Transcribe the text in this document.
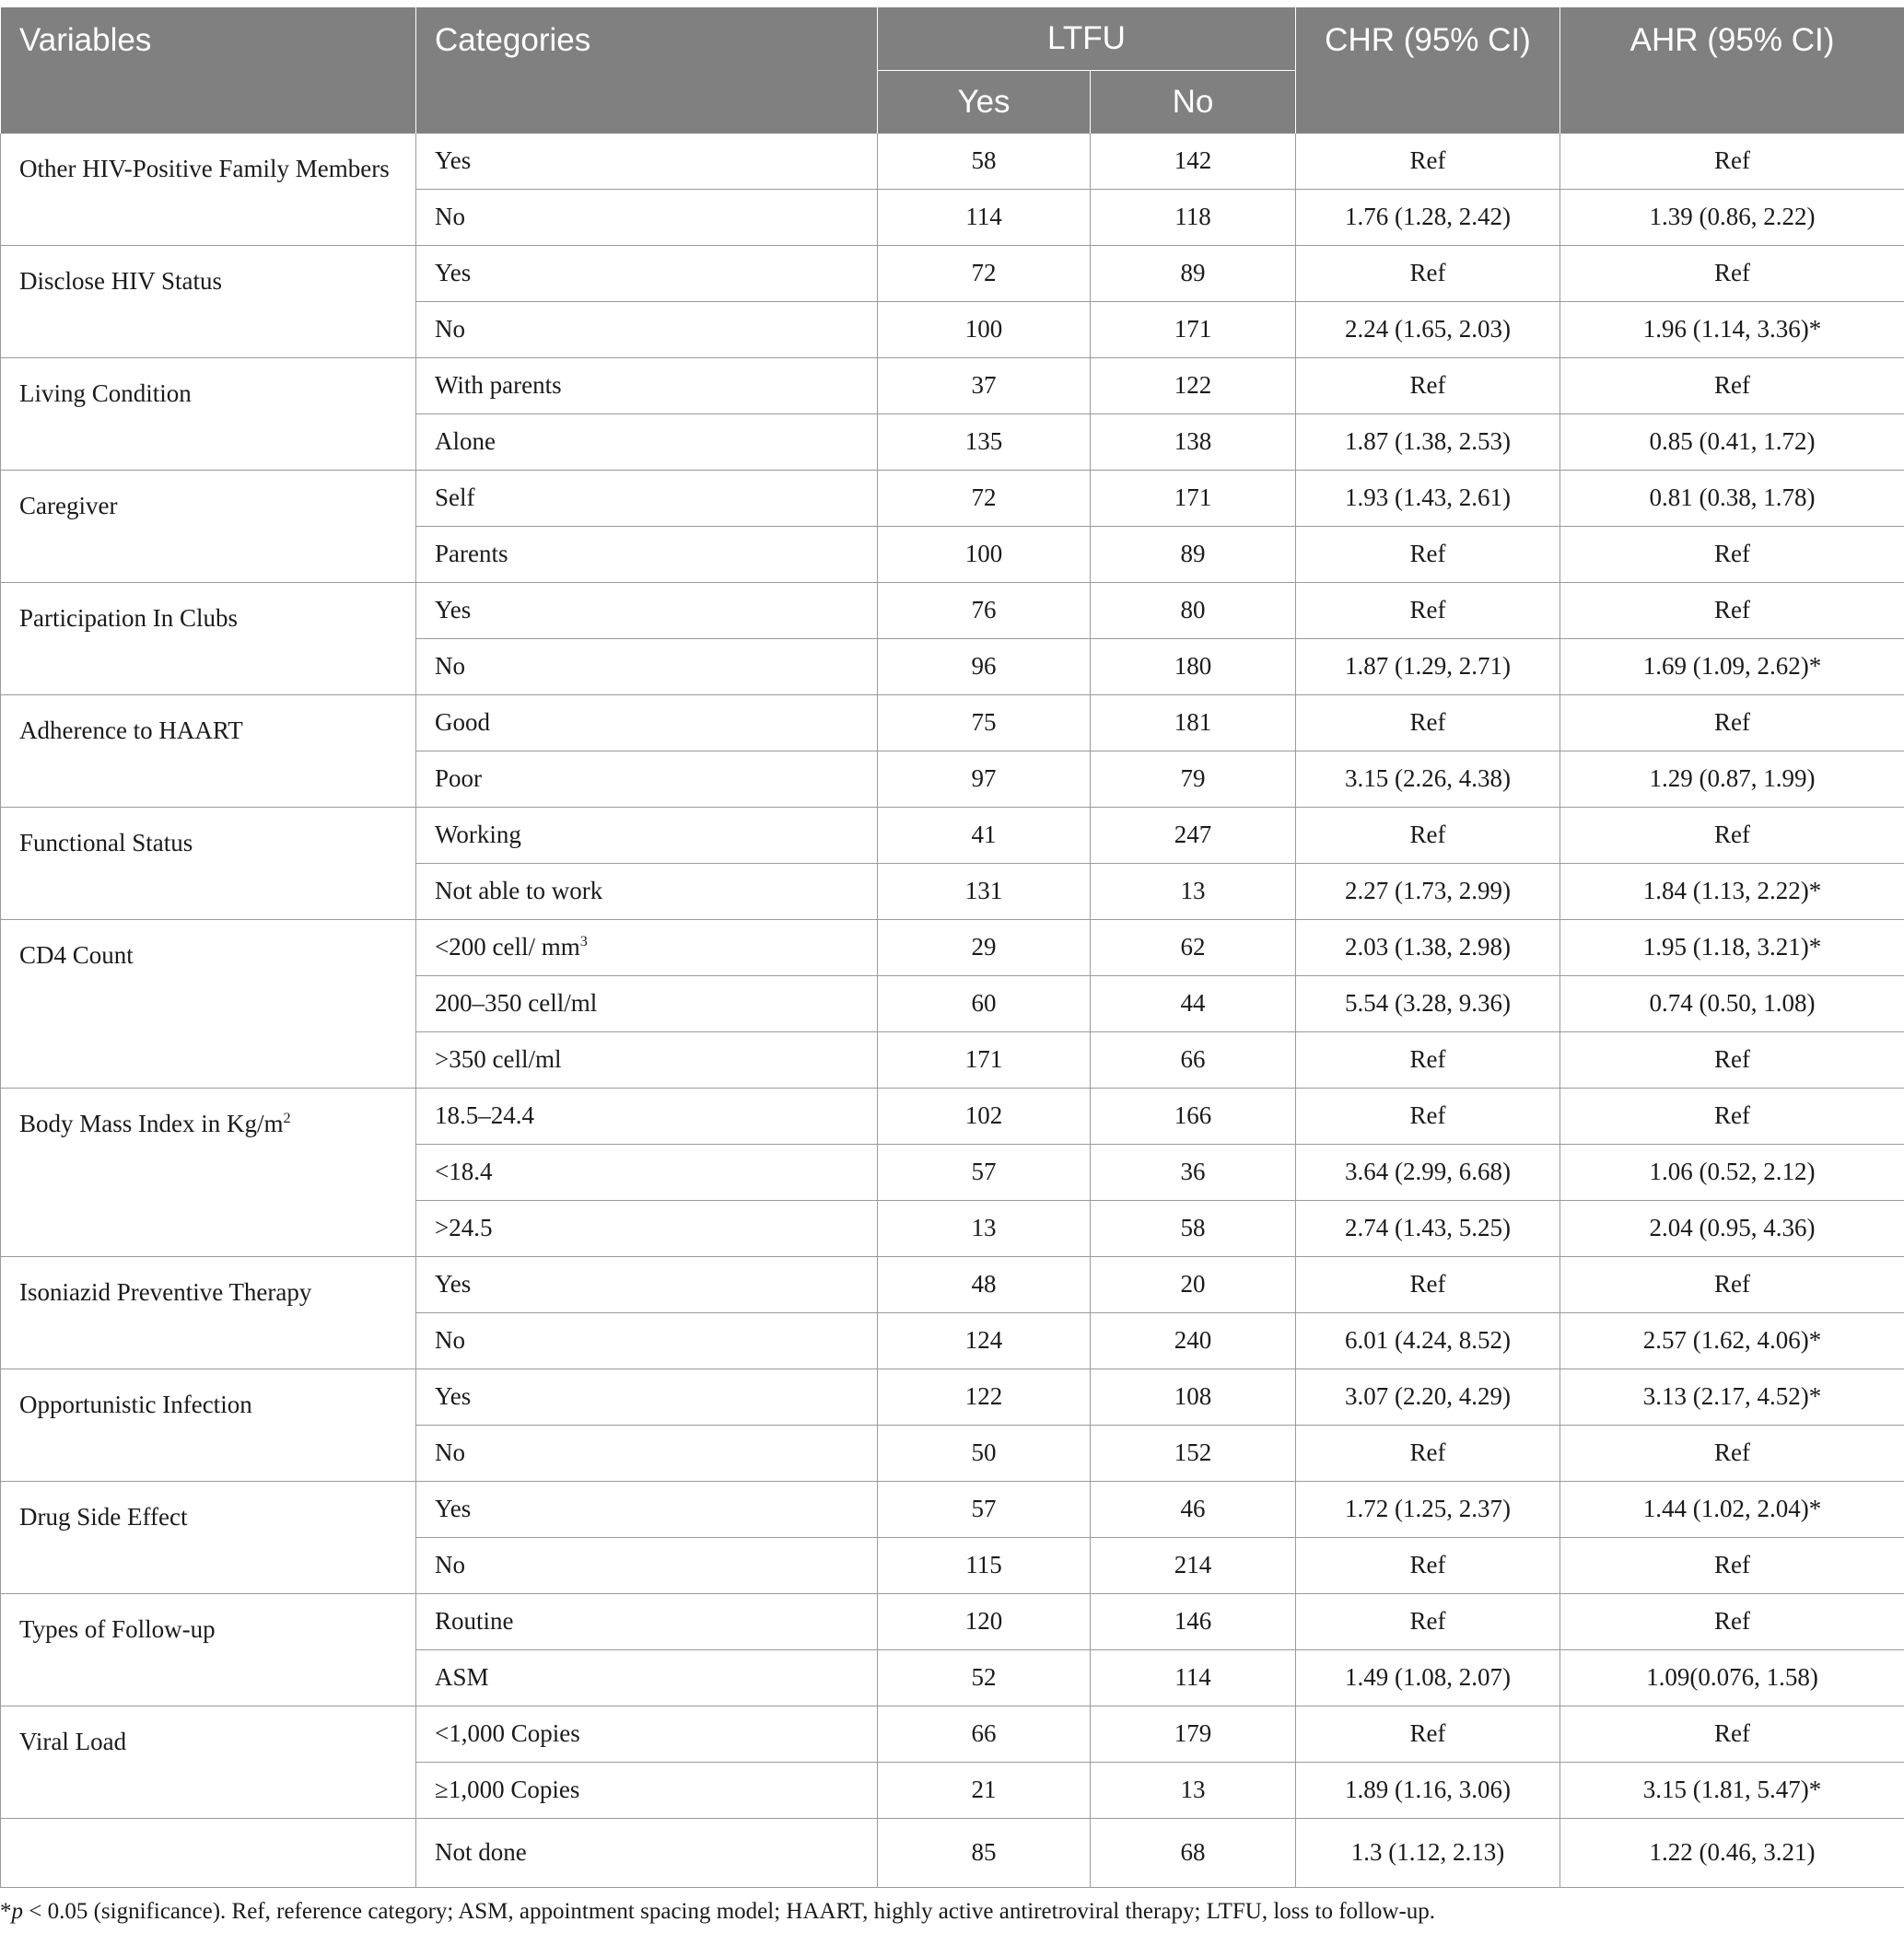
Variables	Categories	LTFU		CHR (95% CI)	AHR (95% CI)
		Yes	No		
Other HIV-Positive Family Members	Yes	58	142	Ref	Ref
	No	114	118	1.76 (1.28, 2.42)	1.39 (0.86, 2.22)
Disclose HIV Status	Yes	72	89	Ref	Ref
	No	100	171	2.24 (1.65, 2.03)	1.96 (1.14, 3.36)*
Living Condition	With parents	37	122	Ref	Ref
	Alone	135	138	1.87 (1.38, 2.53)	0.85 (0.41, 1.72)
Caregiver	Self	72	171	1.93 (1.43, 2.61)	0.81 (0.38, 1.78)
	Parents	100	89	Ref	Ref
Participation In Clubs	Yes	76	80	Ref	Ref
	No	96	180	1.87 (1.29, 2.71)	1.69 (1.09, 2.62)*
Adherence to HAART	Good	75	181	Ref	Ref
	Poor	97	79	3.15 (2.26, 4.38)	1.29 (0.87, 1.99)
Functional Status	Working	41	247	Ref	Ref
	Not able to work	131	13	2.27 (1.73, 2.99)	1.84 (1.13, 2.22)*
CD4 Count	<200 cell/ $mm^3$	29	62	2.03 (1.38, 2.98)	1.95 (1.18, 3.21)*
	200–350 cell/ml	60	44	5.54 (3.28, 9.36)	0.74 (0.50, 1.08)
	>350 cell/ml	171	66	Ref	Ref
Body Mass Index in $Kg/m^2$	18.5–24.4	102	166	Ref	Ref
	<18.4	57	36	3.64 (2.99, 6.68)	1.06 (0.52, 2.12)
	>24.5	13	58	2.74 (1.43, 5.25)	2.04 (0.95, 4.36)
Isoniazid Preventive Therapy	Yes	48	20	Ref	Ref
	No	124	240	6.01 (4.24, 8.52)	2.57 (1.62, 4.06)*
Opportunistic Infection	Yes	122	108	3.07 (2.20, 4.29)	3.13 (2.17, 4.52)*
	No	50	152	Ref	Ref
Drug Side Effect	Yes	57	46	1.72 (1.25, 2.37)	1.44 (1.02, 2.04)*
	No	115	214	Ref	Ref
Types of Follow-up	Routine	120	146	Ref	Ref
	ASM	52	114	1.49 (1.08, 2.07)	1.09(0.076, 1.58)
Viral Load	<1,000 Copies	66	179	Ref	Ref
	≥1,000 Copies	21	13	1.89 (1.16, 3.06)	3.15 (1.81, 5.47)*
	Not done	85	68	1.3 (1.12, 2.13)	1.22 (0.46, 3.21)
*p < 0.05 (significance). Ref, reference category; ASM, appointment spacing model; HAART, highly active antiretroviral therapy; LTFU, loss to follow-up.
